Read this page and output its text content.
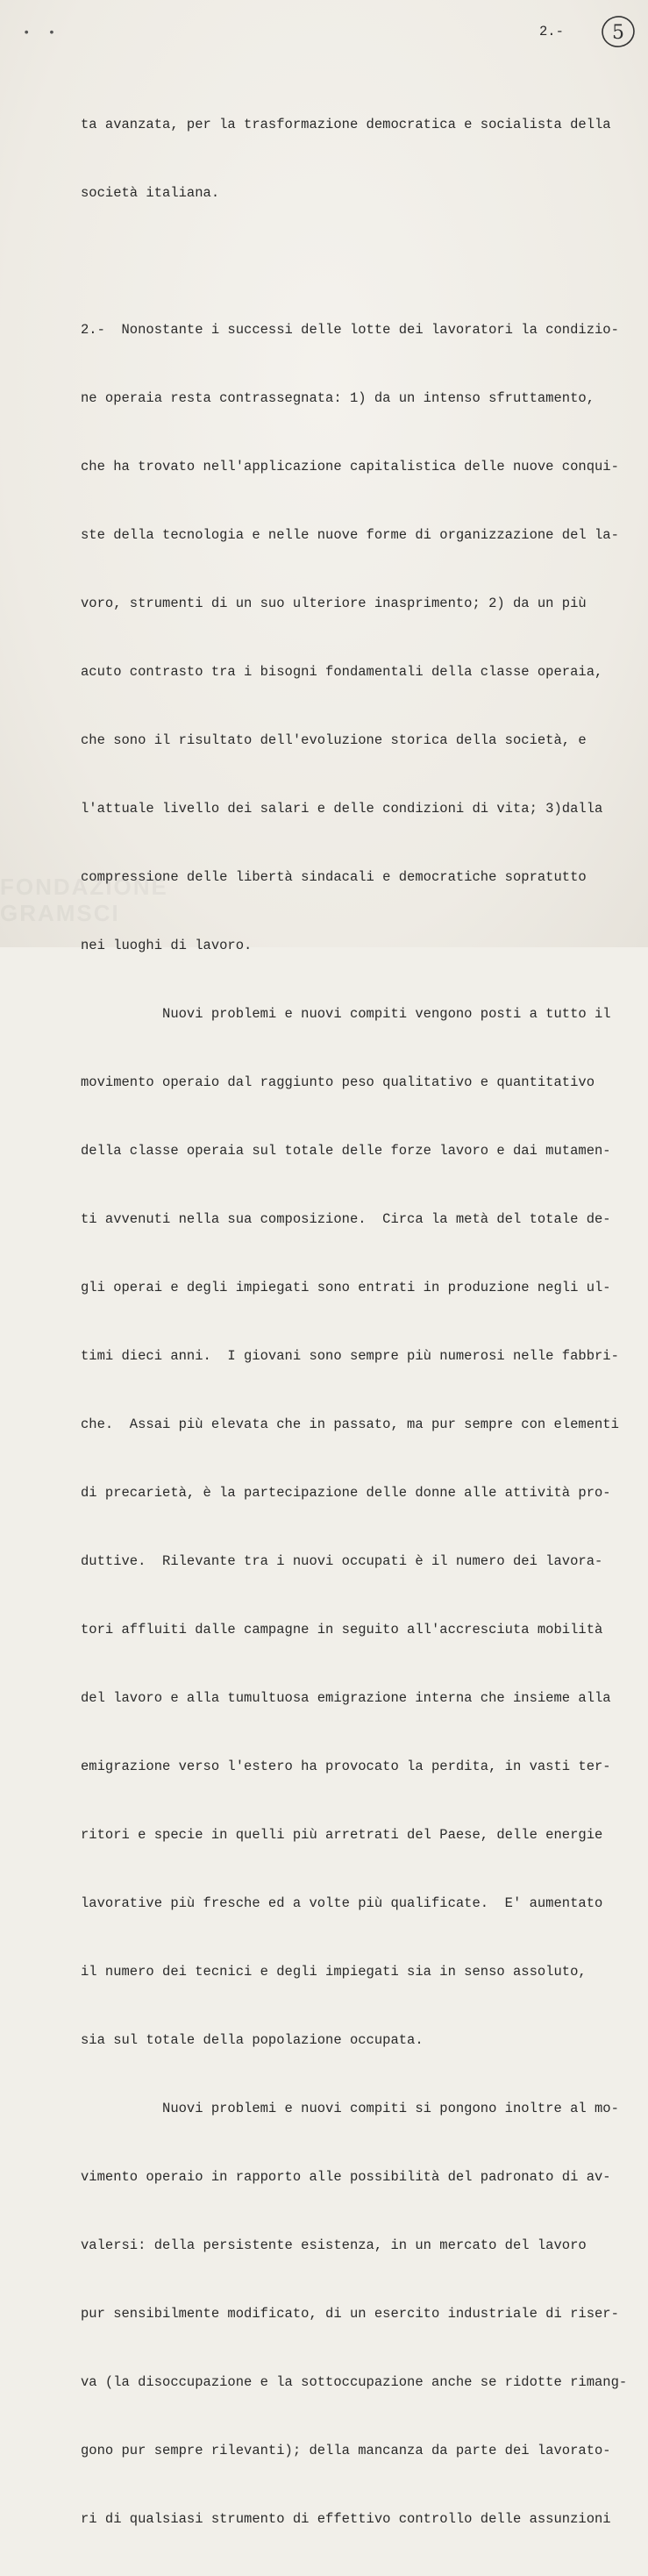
• •	2.-	5

ta avanzata, per la trasformazione democratica e socialista della

società italiana.

2.-  Nonostante i successi delle lotte dei lavoratori la condizio-

ne operaia resta contrassegnata: 1) da un intenso sfruttamento,

che ha trovato nell'applicazione capitalistica delle nuove conqui-

ste della tecnologia e nelle nuove forme di organizzazione del la-

voro, strumenti di un suo ulteriore inasprimento; 2) da un più

acuto contrasto tra i bisogni fondamentali della classe operaia,

che sono il risultato dell'evoluzione storica della società, e

l'attuale livello dei salari e delle condizioni di vita; 3)dalla

compressione delle libertà sindacali e democratiche sopratutto

nei luoghi di lavoro.

Nuovi problemi e nuovi compiti vengono posti a tutto il

movimento operaio dal raggiunto peso qualitativo e quantitativo

della classe operaia sul totale delle forze lavoro e dai mutamen-

ti avvenuti nella sua composizione.  Circa la metà del totale de-

gli operai e degli impiegati sono entrati in produzione negli ul-

timi dieci anni.  I giovani sono sempre più numerosi nelle fabbri-

che.  Assai più elevata che in passato, ma pur sempre con elementi

di precarietà, è la partecipazione delle donne alle attività pro-

duttive.  Rilevante tra i nuovi occupati è il numero dei lavora-

tori affluiti dalle campagne in seguito all'accresciuta mobilità

del lavoro e alla tumultuosa emigrazione interna che insieme alla

emigrazione verso l'estero ha provocato la perdita, in vasti ter-

ritori e specie in quelli più arretrati del Paese, delle energie

lavorative più fresche ed a volte più qualificate.  E' aumentato

il numero dei tecnici e degli impiegati sia in senso assoluto,

sia sul totale della popolazione occupata.

Nuovi problemi e nuovi compiti si pongono inoltre al mo-

vimento operaio in rapporto alle possibilità del padronato di av-

valersi: della persistente esistenza, in un mercato del lavoro

pur sensibilmente modificato, di un esercito industriale di riser-

va (la disoccupazione e la sottoccupazione anche se ridotte rimang-

gono pur sempre rilevanti); della mancanza da parte dei lavorato-

ri di qualsiasi strumento di effettivo controllo delle assunzioni

FONDAZIONE
GRAMSCI
